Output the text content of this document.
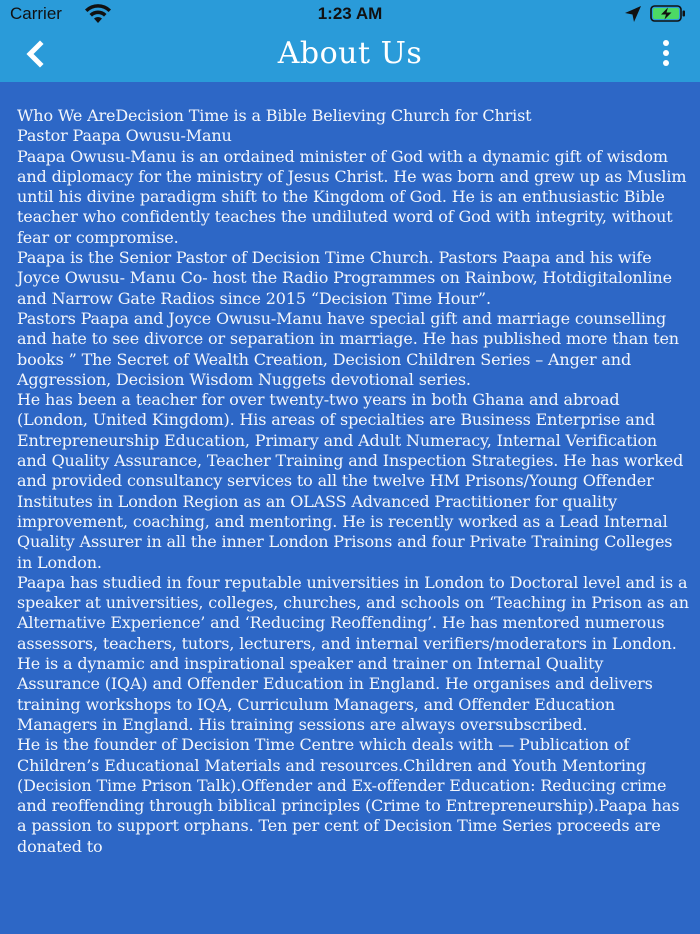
Carrier	1:23 AM
About Us

Who We AreDecision Time is a Bible Believing Church for Christ

Pastor Paapa Owusu-Manu

Paapa Owusu-Manu is an ordained minister of God with a dynamic gift of wisdom and diplomacy for the ministry of Jesus Christ. He was born and grew up as Muslim until his divine paradigm shift to the Kingdom of God. He is an enthusiastic Bible teacher who confidently teaches the undiluted word of God with integrity, without fear or compromise.

Paapa is the Senior Pastor of Decision Time Church. Pastors Paapa and his wife Joyce Owusu- Manu Co- host the Radio Programmes on Rainbow, Hotdigitalonline and Narrow Gate Radios since 2015 “Decision Time Hour”.

Pastors Paapa and Joyce Owusu-Manu have special gift and marriage counselling and hate to see divorce or separation in marriage. He has published more than ten books ” The Secret of Wealth Creation, Decision Children Series – Anger and Aggression, Decision Wisdom Nuggets devotional series.

He has been a teacher for over twenty-two years in both Ghana and abroad (London, United Kingdom). His areas of specialties are Business Enterprise and Entrepreneurship Education, Primary and Adult Numeracy, Internal Verification and Quality Assurance, Teacher Training and Inspection Strategies. He has worked and provided consultancy services to all the twelve HM Prisons/Young Offender Institutes in London Region as an OLASS Advanced Practitioner for quality improvement, coaching, and mentoring. He is recently worked as a Lead Internal Quality Assurer in all the inner London Prisons and four Private Training Colleges in London.

Paapa has studied in four reputable universities in London to Doctoral level and is a speaker at universities, colleges, churches, and schools on ‘Teaching in Prison as an Alternative Experience’ and ‘Reducing Reoffending’. He has mentored numerous assessors, teachers, tutors, lecturers, and internal verifiers/moderators in London. He is a dynamic and inspirational speaker and trainer on Internal Quality Assurance (IQA) and Offender Education in England. He organises and delivers training workshops to IQA, Curriculum Managers, and Offender Education Managers in England. His training sessions are always oversubscribed.

He is the founder of Decision Time Centre which deals with — Publication of Children’s Educational Materials and resources.Children and Youth Mentoring (Decision Time Prison Talk).Offender and Ex-offender Education: Reducing crime and reoffending through biblical principles (Crime to Entrepreneurship).Paapa has a passion to support orphans. Ten per cent of Decision Time Series proceeds are donated to
